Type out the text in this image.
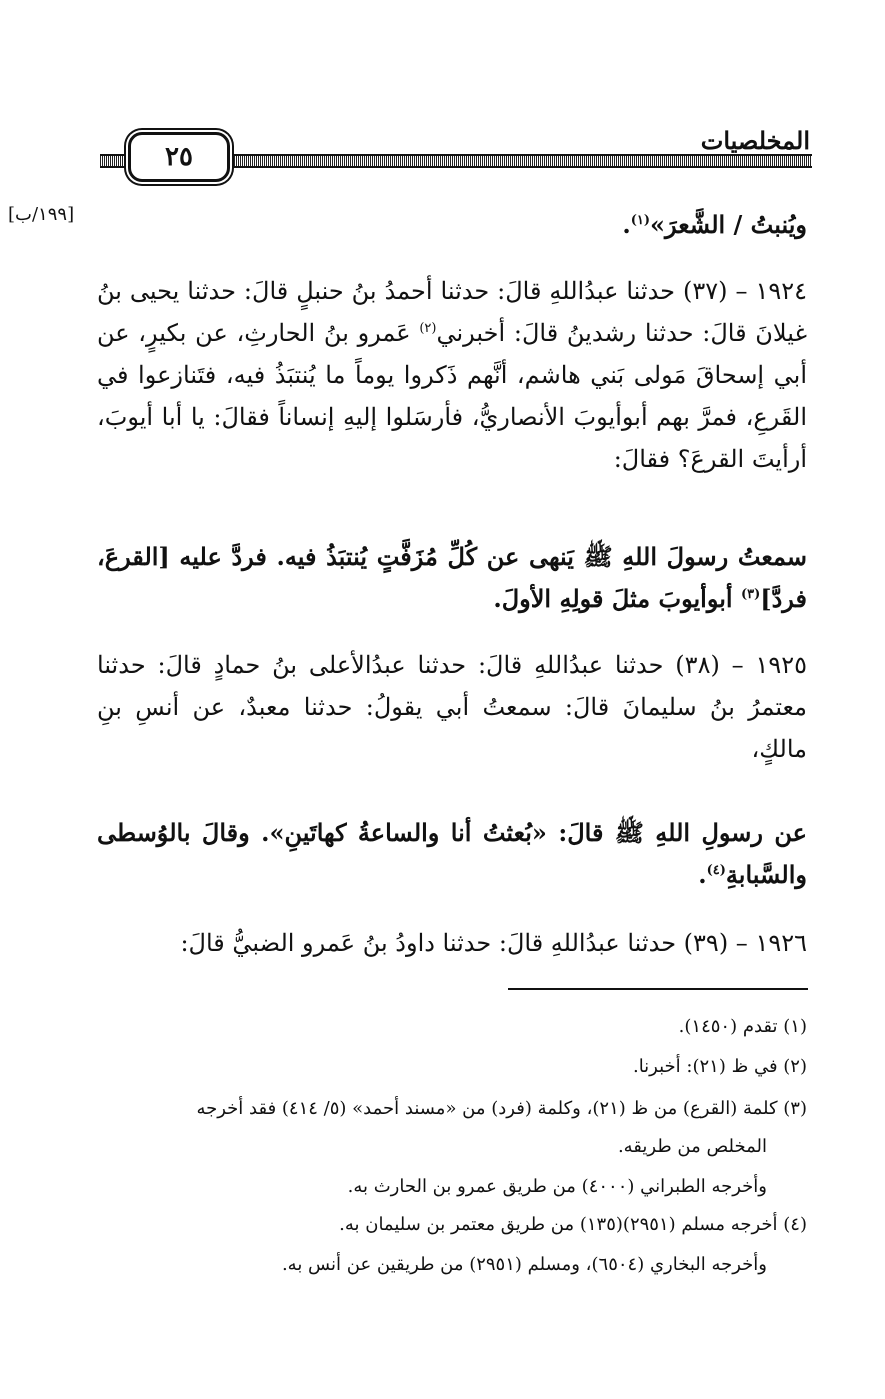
المخلصيات
٢٥
[١٩٩/ب]	ويُنبتُ / الشَّعرَ»$^{(١)}$.
١٩٢٤ – (٣٧) حدثنا عبدُاللهِ قالَ: حدثنا أحمدُ بنُ حنبلٍ قالَ: حدثنا يحيى بنُ غيلانَ قالَ: حدثنا رشدينُ قالَ: أخبرني$^{(٢)}$ عَمرو بنُ الحارثِ، عن بكيرٍ، عن أبي إسحاقَ مَولى بَني هاشم، أنَّهم ذَكروا يوماً ما يُنتبَذُ فيه، فتَنازعوا في القَرعِ، فمرَّ بهم أبوأيوبَ الأنصاريُّ، فأرسَلوا إليهِ إنساناً فقالَ: يا أبا أيوبَ، أرأيتَ القرعَ؟ فقالَ:
سمعتُ رسولَ اللهِ ﷺ يَنهى عن كُلِّ مُزَفَّتٍ يُنتبَذُ فيه. فردَّ عليه [القرعَ، فردَّ]$^{(٣)}$ أبوأيوبَ مثلَ قولِهِ الأولَ.
١٩٢٥ – (٣٨) حدثنا عبدُاللهِ قالَ: حدثنا عبدُالأعلى بنُ حمادٍ قالَ: حدثنا معتمرُ بنُ سليمانَ قالَ: سمعتُ أبي يقولُ: حدثنا معبدٌ، عن أنسِ بنِ مالكٍ،
عن رسولِ اللهِ ﷺ قالَ: «بُعثتُ أنا والساعةُ كهاتَينِ». وقالَ بالوُسطى والسَّبابةِ$^{(٤)}$.
١٩٢٦ – (٣٩) حدثنا عبدُاللهِ قالَ: حدثنا داودُ بنُ عَمرو الضبيُّ قالَ:
(١) تقدم (١٤٥٠).
(٢) في ظ (٢١): أخبرنا.
(٣) كلمة (القرع) من ظ (٢١)، وكلمة (فرد) من «مسند أحمد» (٥/ ٤١٤) فقد أخرجه
المخلص من طريقه.
وأخرجه الطبراني (٤٠٠٠) من طريق عمرو بن الحارث به.
(٤) أخرجه مسلم (٢٩٥١)(١٣٥) من طريق معتمر بن سليمان به.
وأخرجه البخاري (٦٥٠٤)، ومسلم (٢٩٥١) من طريقين عن أنس به.
